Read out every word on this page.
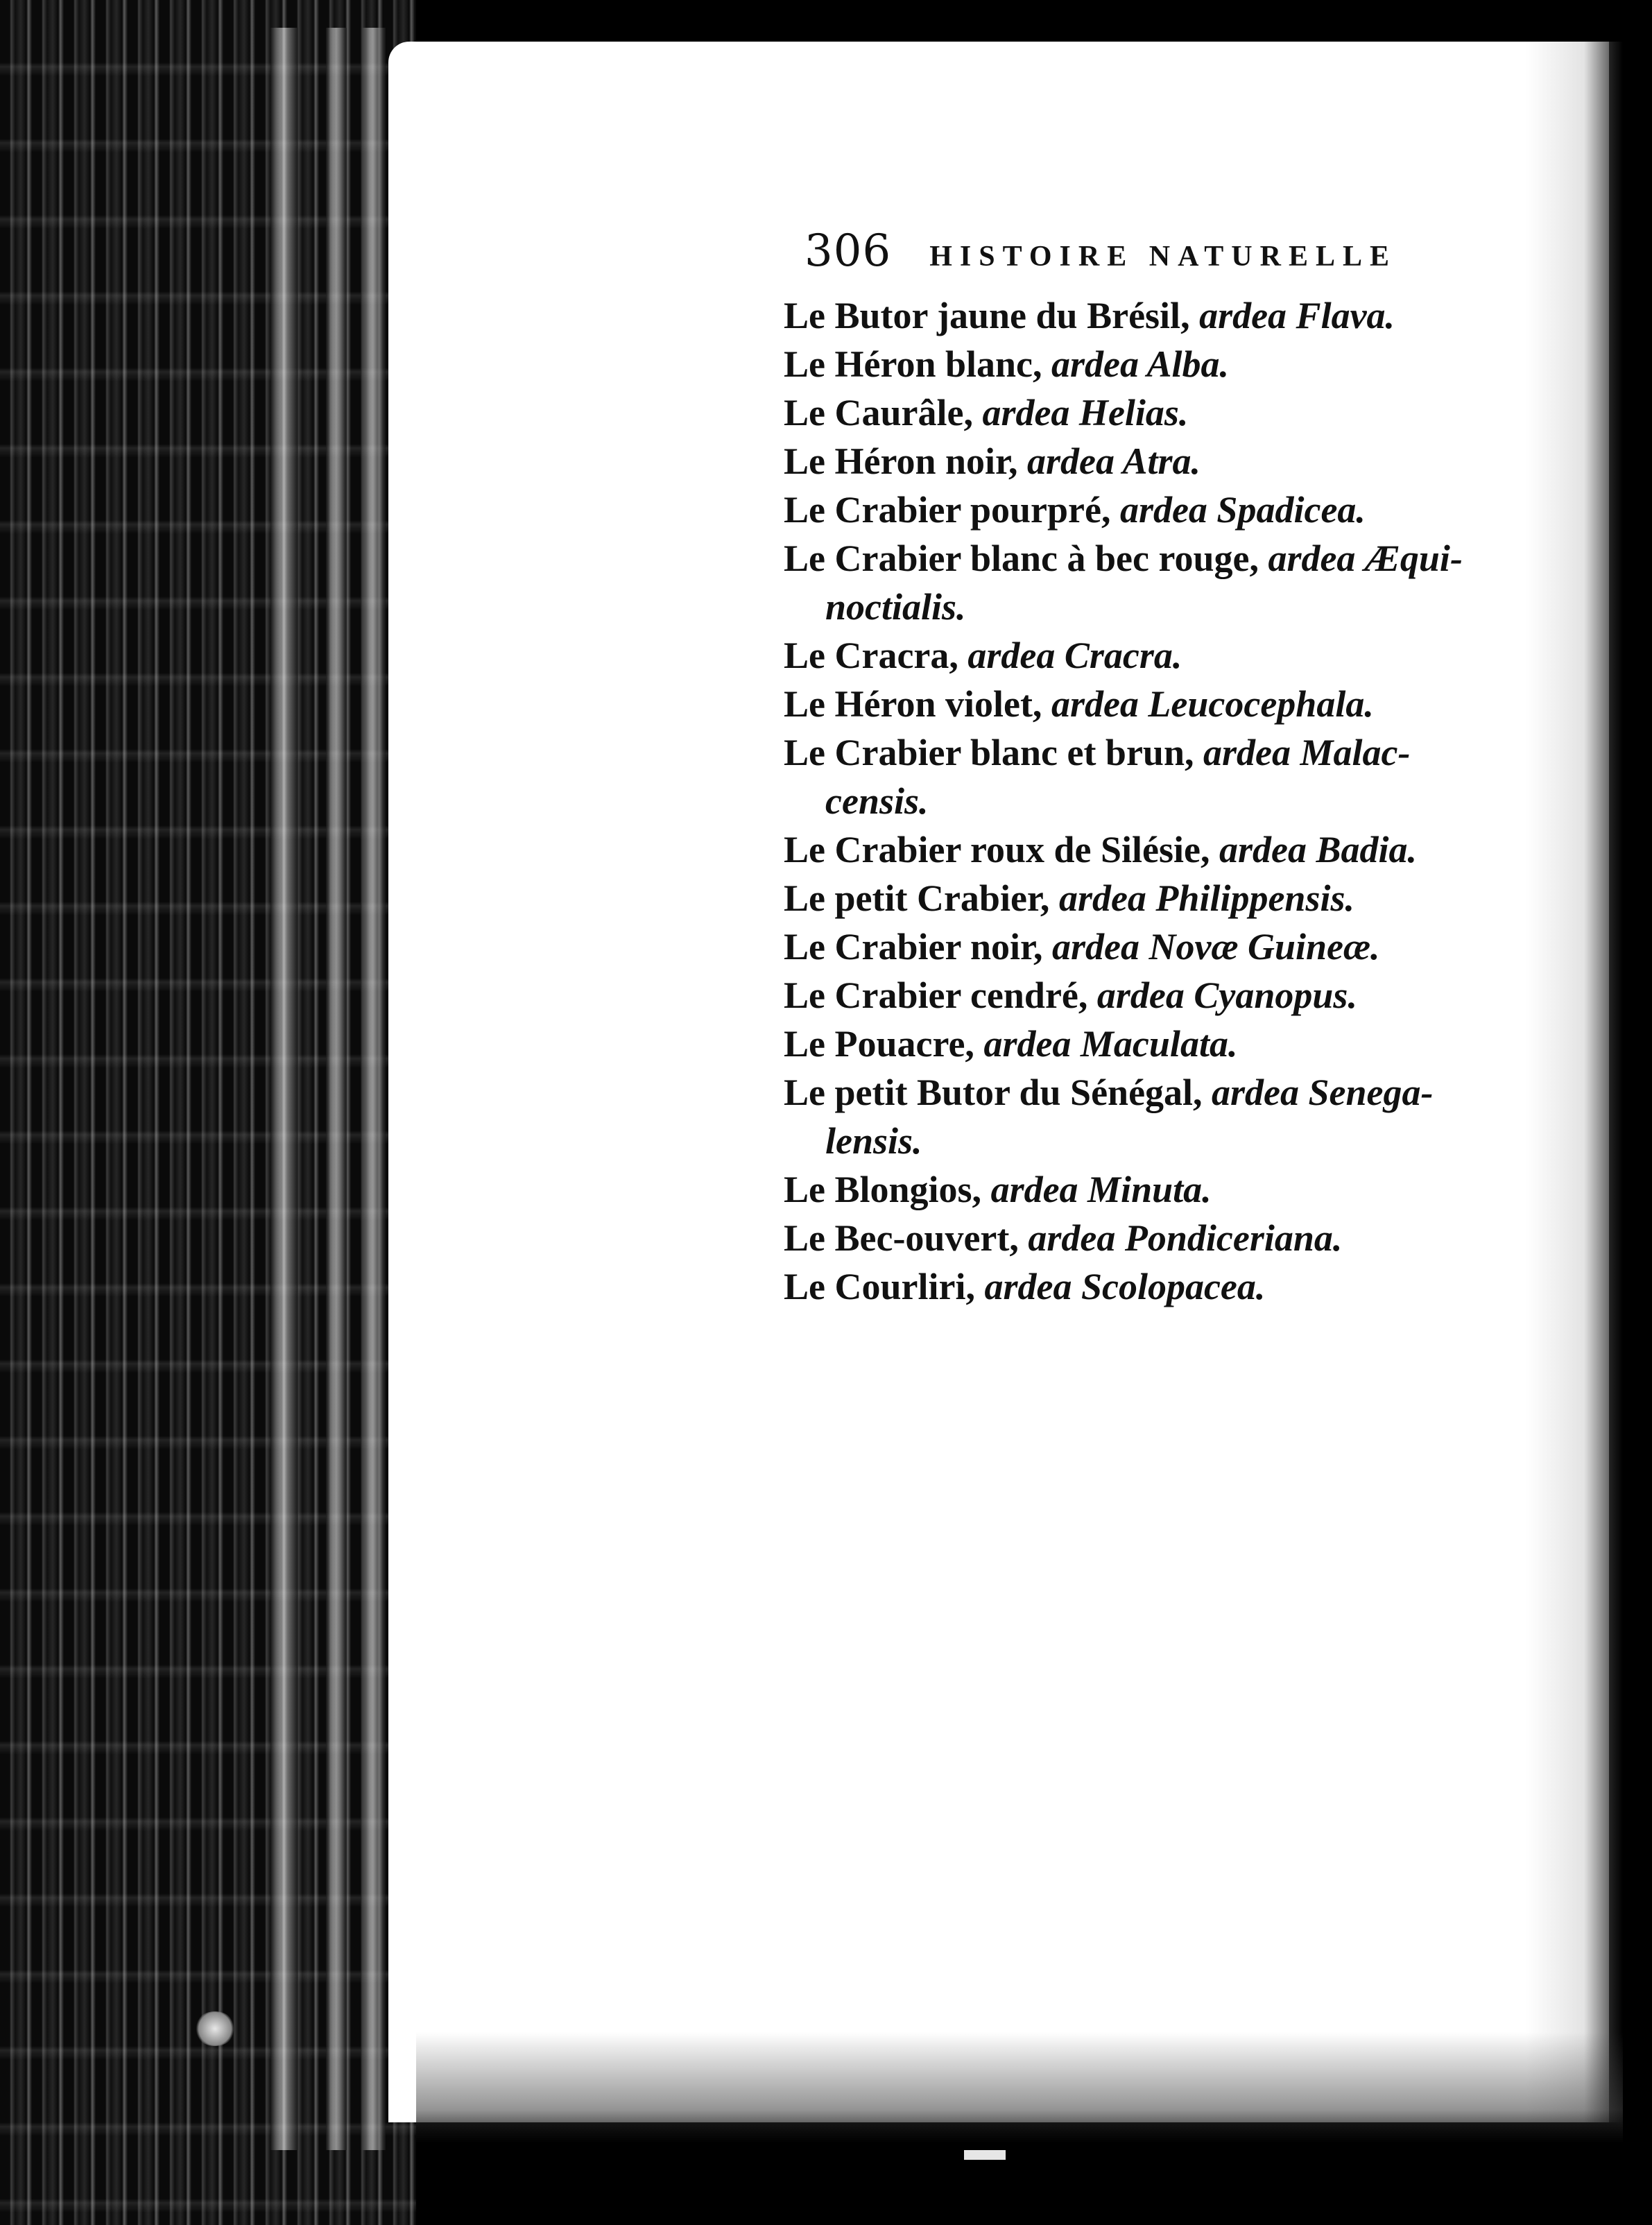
306 HISTOIRE NATURELLE
Le Butor jaune du Brésil, ardea Flava.
Le Héron blanc, ardea Alba.
Le Caurâle, ardea Helias.
Le Héron noir, ardea Atra.
Le Crabier pourpré, ardea Spadicea.
Le Crabier blanc à bec rouge, ardea Æqui-
noctialis.
Le Cracra, ardea Cracra.
Le Héron violet, ardea Leucocephala.
Le Crabier blanc et brun, ardea Malac-
censis.
Le Crabier roux de Silésie, ardea Badia.
Le petit Crabier, ardea Philippensis.
Le Crabier noir, ardea Novæ Guineæ.
Le Crabier cendré, ardea Cyanopus.
Le Pouacre, ardea Maculata.
Le petit Butor du Sénégal, ardea Senega-
lensis.
Le Blongios, ardea Minuta.
Le Bec-ouvert, ardea Pondiceriana.
Le Courliri, ardea Scolopacea.
